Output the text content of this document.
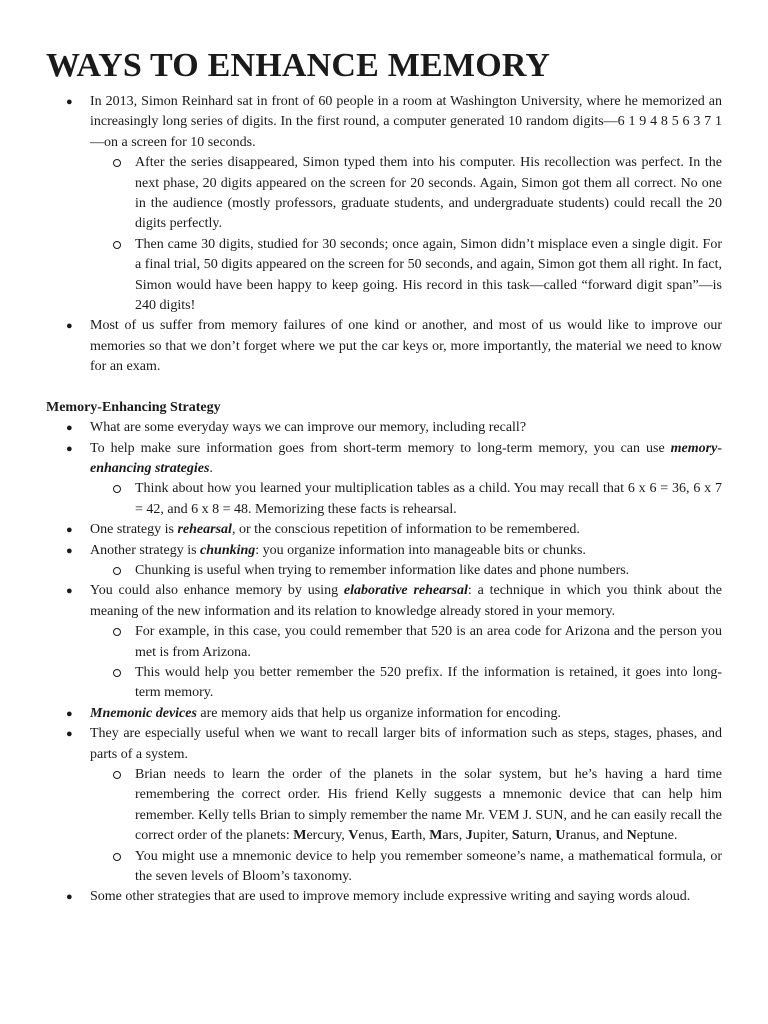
WAYS TO ENHANCE MEMORY
● In 2013, Simon Reinhard sat in front of 60 people in a room at Washington University, where he memorized an increasingly long series of digits. In the first round, a computer generated 10 random digits—6 1 9 4 8 5 6 3 7 1—on a screen for 10 seconds.
After the series disappeared, Simon typed them into his computer. His recollection was perfect. In the next phase, 20 digits appeared on the screen for 20 seconds. Again, Simon got them all correct. No one in the audience (mostly professors, graduate students, and undergraduate students) could recall the 20 digits perfectly.
Then came 30 digits, studied for 30 seconds; once again, Simon didn’t misplace even a single digit. For a final trial, 50 digits appeared on the screen for 50 seconds, and again, Simon got them all right. In fact, Simon would have been happy to keep going. His record in this task—called “forward digit span”—is 240 digits!
● Most of us suffer from memory failures of one kind or another, and most of us would like to improve our memories so that we don’t forget where we put the car keys or, more importantly, the material we need to know for an exam.

Memory-Enhancing Strategy

● What are some everyday ways we can improve our memory, including recall?
● To help make sure information goes from short-term memory to long-term memory, you can use memory-enhancing strategies.
Think about how you learned your multiplication tables as a child. You may recall that 6 x 6 = 36, 6 x 7 = 42, and 6 x 8 = 48. Memorizing these facts is rehearsal.
● One strategy is rehearsal, or the conscious repetition of information to be remembered.
● Another strategy is chunking: you organize information into manageable bits or chunks.
Chunking is useful when trying to remember information like dates and phone numbers.
● You could also enhance memory by using elaborative rehearsal: a technique in which you think about the meaning of the new information and its relation to knowledge already stored in your memory.
For example, in this case, you could remember that 520 is an area code for Arizona and the person you met is from Arizona.
This would help you better remember the 520 prefix. If the information is retained, it goes into long-term memory.
● Mnemonic devices are memory aids that help us organize information for encoding.
● They are especially useful when we want to recall larger bits of information such as steps, stages, phases, and parts of a system.
Brian needs to learn the order of the planets in the solar system, but he’s having a hard time remembering the correct order. His friend Kelly suggests a mnemonic device that can help him remember. Kelly tells Brian to simply remember the name Mr. VEM J. SUN, and he can easily recall the correct order of the planets: Mercury, Venus, Earth, Mars, Jupiter, Saturn, Uranus, and Neptune.
You might use a mnemonic device to help you remember someone’s name, a mathematical formula, or the seven levels of Bloom’s taxonomy.
● Some other strategies that are used to improve memory include expressive writing and saying words aloud.
